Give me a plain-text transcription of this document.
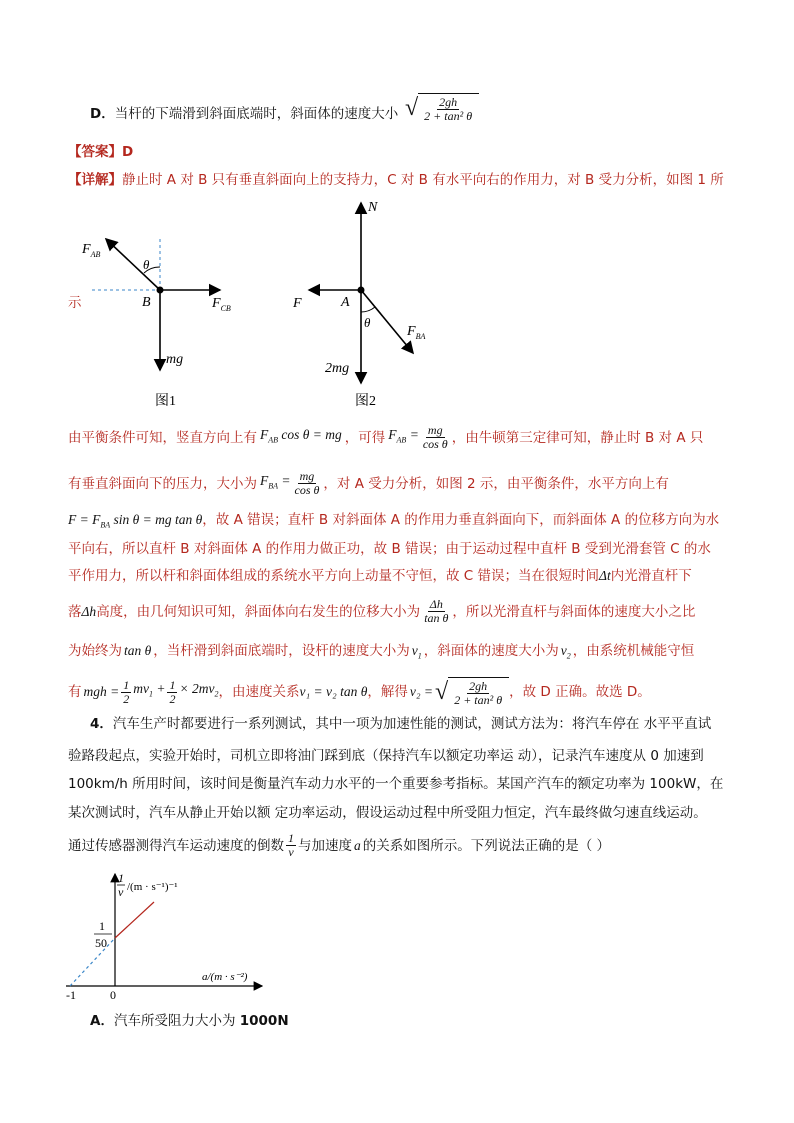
D．当杆的下端滑到斜面底端时，斜面体的速度大小 √ $\frac{2gh}{\text{2 + tan² θ}}$
【答案】D
【详解】静止时 A 对 B 只有垂直斜面向上的支持力，C 对 B 有水平向右的作用力，对 B 受力分析，如图 1 所
示
$F_{AB}$
θ
B	$F_{CB}$
mg
图1
N
F	A
θ
$F_{BA}$
2mg
图2
由平衡条件可知，竖直方向上有 $F_{AB}$ cos θ = mg ，可得 $F_{AB} = \frac{mg}{\text{cos θ}}$ ，由牛顿第三定律可知，静止时 B 对 A 只
有垂直斜面向下的压力，大小为 $F_{BA} = \frac{mg}{\text{cos θ}}$ ，对 A 受力分析，如图 2 示，由平衡条件，水平方向上有
$F = F_{BA}$ sin θ = mg tan θ，故 A 错误；直杆 B 对斜面体 A 的作用力垂直斜面向下，而斜面体 A 的位移方向为水
平向右，所以直杆 B 对斜面体 A 的作用力做正功，故 B 错误；由于运动过程中直杆 B 受到光滑套管 C 的水
平作用力，所以杆和斜面体组成的系统水平方向上动量不守恒，故 C 错误；当在很短时间Δt内光滑直杆下
落 Δh 高度，由几何知识可知，斜面体向右发生的位移大小为 $\frac{\Delta h}{\text{tan θ}}$ ，所以光滑直杆与斜面体的速度大小之比
为始终为 tan θ ，当杆滑到斜面底端时，设杆的速度大小为 $v_1$ ，斜面体的速度大小为 $v_2$ ，由系统机械能守恒
有 mgh = $\frac{1}{2} mv_1 + \frac{1}{2} \times 2mv_2$ ，由速度关系 v₁ = v₂ tan θ ，解得 v₂ = √ $\frac{2gh}{\text{2 + tan² θ}}$ ，故 D 正确。故选 D。
4．汽车生产时都要进行一系列测试，其中一项为加速性能的测试，测试方法为：将汽车停在 水平平直试
验路段起点，实验开始时，司机立即将油门踩到底（保持汽车以额定功率运 动），记录汽车速度从 0 加速到
100km/h 所用时间，该时间是衡量汽车动力水平的一个重要参考指标。某国产汽车的额定功率为 100kW，在
某次测试时，汽车从静止开始以额 定功率运动，假设运动过程中所受阻力恒定，汽车最终做匀速直线运动。
通过传感器测得汽车运动速度的倒数 $\frac{1}{v}$ 与加速度 a 的关系如图所示。下列说法正确的是（ ）
1
v /(m · s⁻¹)⁻¹
1
50
a/(m · s⁻²)
-1	0
A．汽车所受阻力大小为 1000N
